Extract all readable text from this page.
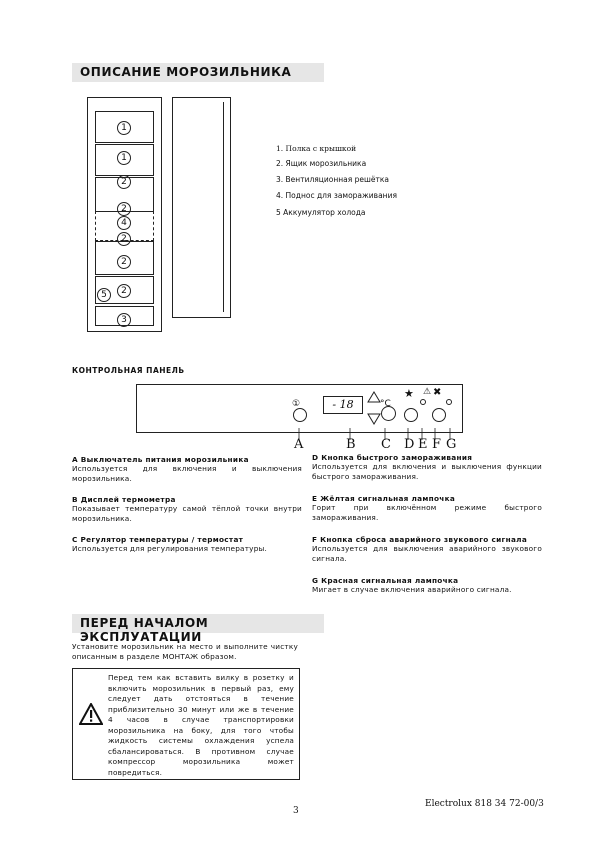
ОПИСАНИЕ МОРОЗИЛЬНИКА
1
1
2
2
4
2
2
5	2
3
1. Полка с крышкой
2. Ящик морозильника
3. Вентиляционная решётка
4. Поднос для замораживания
5 Аккумулятор холода
КОНТРОЛЬНАЯ ПАНЕЛЬ
①	- 18	°C
★ ⚠ ✖
A	B C D E F G
A Выключатель питания морозильника
Используется для включения и выключения морозильника.
B Дисплей термометра
Показывает температуру самой тёплой точки внутри морозильника.
C Регулятор температуры / термостат
Используется для регулирования температуры.
D Кнопка быстрого замораживания
Используется для включения и выключения функции быстрого замораживания.
E Жёлтая сигнальная лампочка
Горит при включённом режиме быстрого замораживания.
F Кнопка сброса аварийного звукового сигнала
Используется для выключения аварийного звукового сигнала.
G Красная сигнальная лампочка
Мигает в случае включения аварийного сигнала.
ПЕРЕД НАЧАЛОМ ЭКСПЛУАТАЦИИ
Установите морозильник на место и выполните чистку описанным в разделе МОНТАЖ образом.
Перед тем как вставить вилку в розетку и включить морозильник в первый раз, ему следует дать отстояться в течение приблизительно 30 минут или же в течение 4 часов в случае транспортировки морозильника на боку, для того чтобы жидкость системы охлаждения успела сбалансироваться. В противном случае компрессор морозильника может повредиться.
3
Electrolux 818 34 72-00/3
